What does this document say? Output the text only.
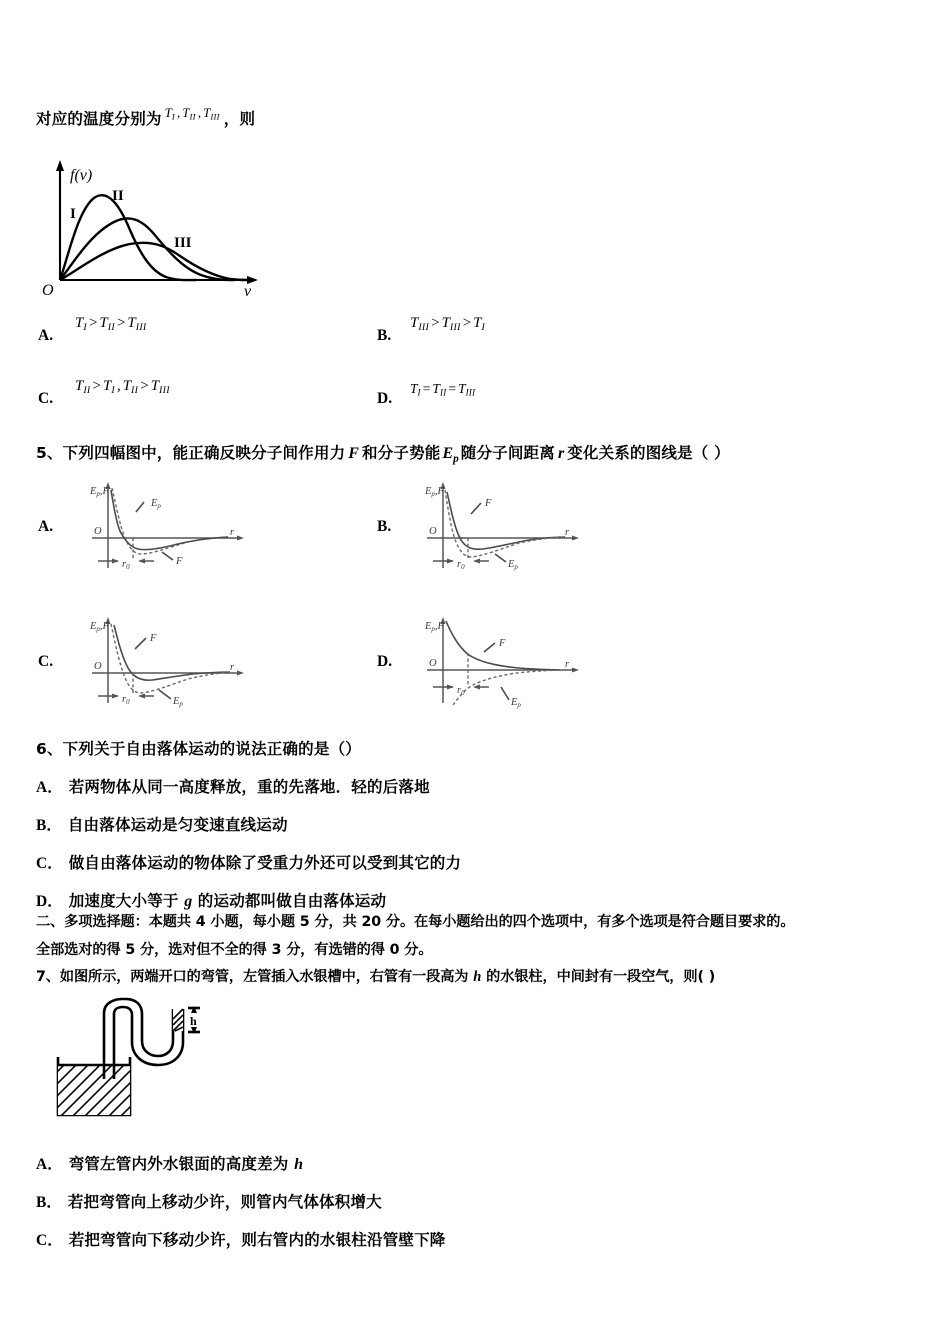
对应的温度分别为 $^{T_I , T_{II} , T_{III}}$ ，则
f(v)
v
O
I
II
III
A.
$T_I > T_{II} > T_{III}$	B.
$T_{III} > T_{III} > T_I$
C.
$T_{II} > T_I$ , $T_{II} > T_{III}$	D.
$T_I = T_{II} = T_{III}$
5、下列四幅图中，能正确反映分子间作用力 F 和分子势能 $E_p$ 随分子间距离 r 变化关系的图线是（ ）
A.
Ep,F
O	r
r0
Ep
F
B.
Ep,F
O	r
r0
F
Ep
C.
Ep,F
O	r
r0
F
Ep
D.
Ep,F
O	r
r0
F
Ep
6、下列关于自由落体运动的说法正确的是（）
A． 若两物体从同一高度释放，重的先落地．轻的后落地
B． 自由落体运动是匀变速直线运动
C． 做自由落体运动的物体除了受重力外还可以受到其它的力
D． 加速度大小等于 g 的运动都叫做自由落体运动
二、多项选择题：本题共 4 小题，每小题 5 分，共 20 分。在每小题给出的四个选项中，有多个选项是符合题目要求的。
全部选对的得 5 分，选对但不全的得 3 分，有选错的得 0 分。
7、如图所示，两端开口的弯管，左管插入水银槽中，右管有一段高为 h 的水银柱，中间封有一段空气，则( )
h
A． 弯管左管内外水银面的高度差为 h
B． 若把弯管向上移动少许，则管内气体体积增大
C． 若把弯管向下移动少许，则右管内的水银柱沿管壁下降
